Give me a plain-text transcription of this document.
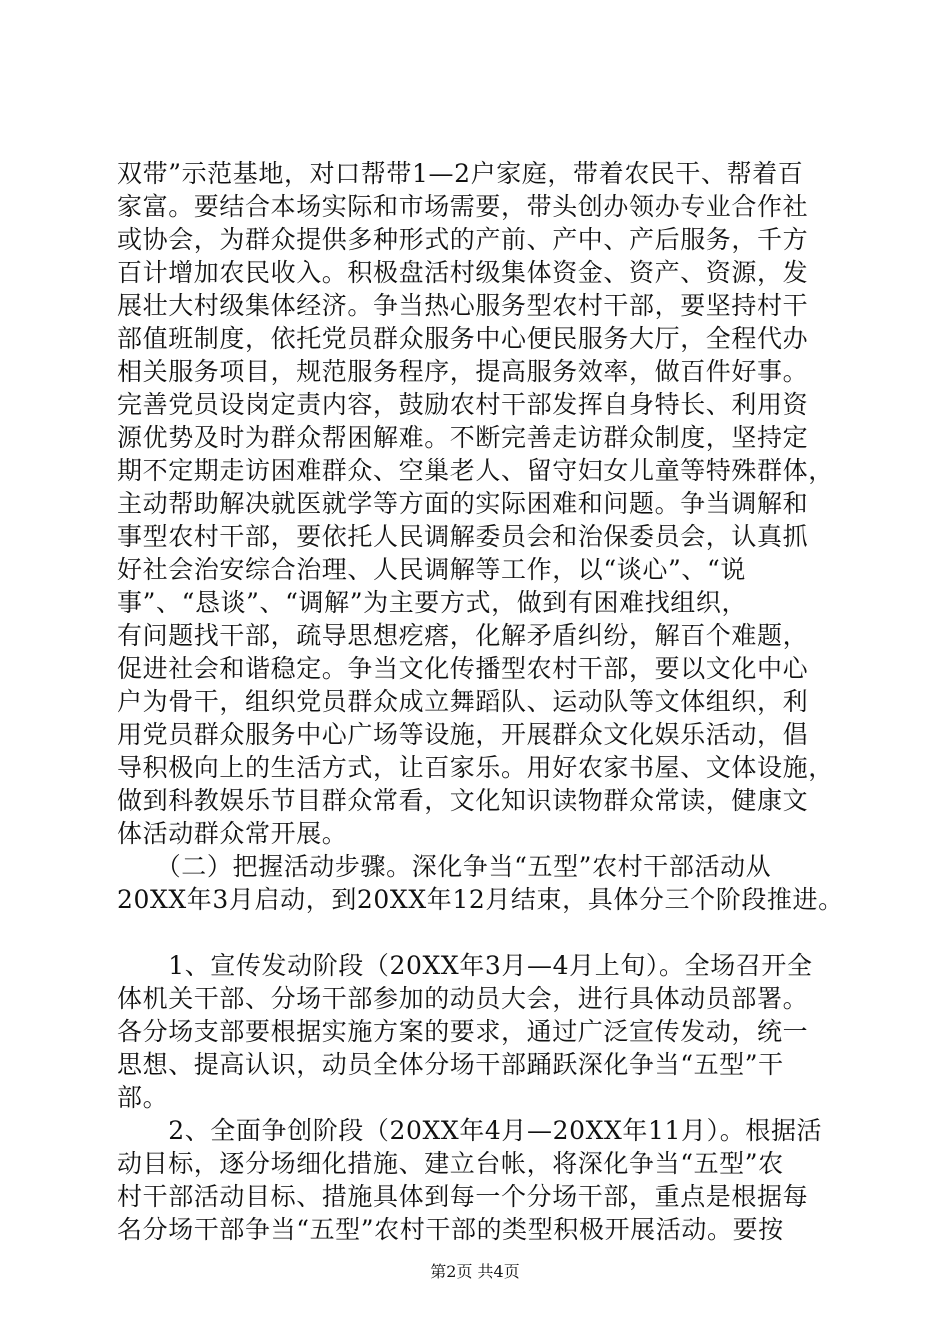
双带”示范基地，对口帮带1—2户家庭，带着农民干、帮着百
家富。要结合本场实际和市场需要，带头创办领办专业合作社
或协会，为群众提供多种形式的产前、产中、产后服务，千方
百计增加农民收入。积极盘活村级集体资金、资产、资源，发
展壮大村级集体经济。争当热心服务型农村干部，要坚持村干
部值班制度，依托党员群众服务中心便民服务大厅，全程代办
相关服务项目，规范服务程序，提高服务效率，做百件好事。
完善党员设岗定责内容，鼓励农村干部发挥自身特长、利用资
源优势及时为群众帮困解难。不断完善走访群众制度，坚持定
期不定期走访困难群众、空巢老人、留守妇女儿童等特殊群体，
主动帮助解决就医就学等方面的实际困难和问题。争当调解和
事型农村干部，要依托人民调解委员会和治保委员会，认真抓
好社会治安综合治理、人民调解等工作，以“谈心”、“说
事”、“恳谈”、“调解”为主要方式，做到有困难找组织，
有问题找干部，疏导思想疙瘩，化解矛盾纠纷，解百个难题，
促进社会和谐稳定。争当文化传播型农村干部，要以文化中心
户为骨干，组织党员群众成立舞蹈队、运动队等文体组织，利
用党员群众服务中心广场等设施，开展群众文化娱乐活动，倡
导积极向上的生活方式，让百家乐。用好农家书屋、文体设施，
做到科教娱乐节目群众常看，文化知识读物群众常读，健康文
体活动群众常开展。
　　（二）把握活动步骤。深化争当“五型”农村干部活动从
20XX年3月启动，到20XX年12月结束，具体分三个阶段推进。
　　1、宣传发动阶段（20XX年3月—4月上旬）。全场召开全
体机关干部、分场干部参加的动员大会，进行具体动员部署。
各分场支部要根据实施方案的要求，通过广泛宣传发动，统一
思想、提高认识，动员全体分场干部踊跃深化争当“五型”干
部。
　　2、全面争创阶段（20XX年4月—20XX年11月）。根据活
动目标，逐分场细化措施、建立台帐，将深化争当“五型”农
村干部活动目标、措施具体到每一个分场干部，重点是根据每
名分场干部争当“五型”农村干部的类型积极开展活动。要按
第2页 共4页
